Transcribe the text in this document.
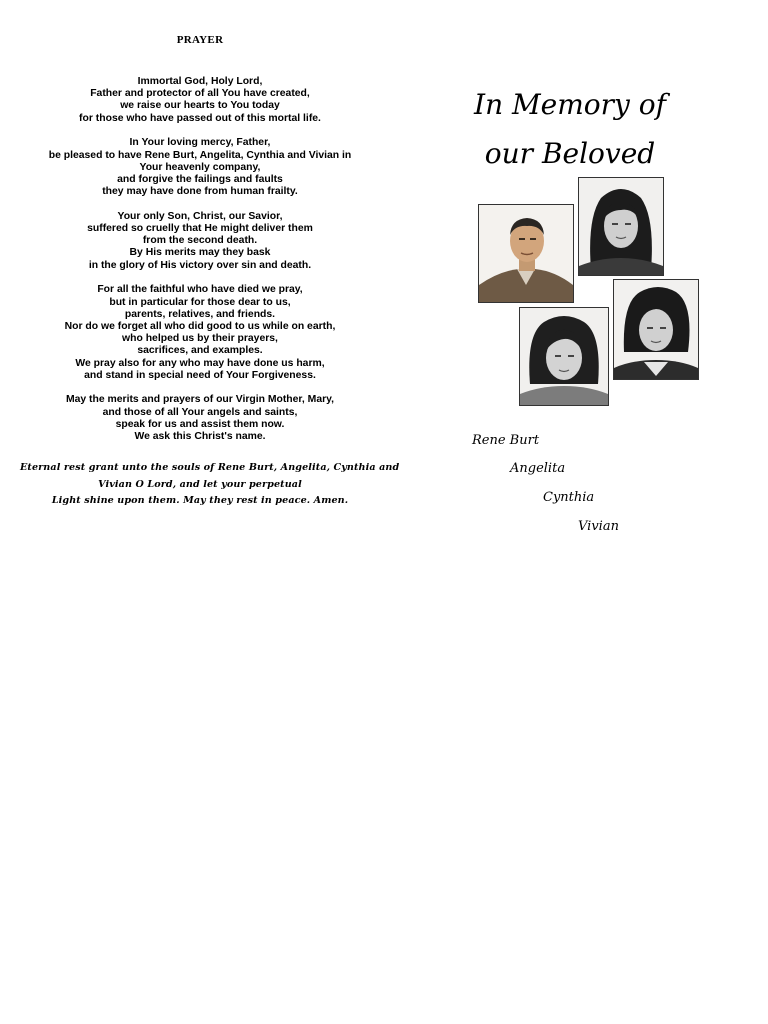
PRAYER
Immortal God, Holy Lord,
Father and protector of all You have created,
we raise our hearts to You today
for those who have passed out of this mortal life.
In Your loving mercy, Father,
be pleased to have Rene Burt, Angelita, Cynthia and Vivian in
Your heavenly company,
and forgive the failings and faults
they may have done from human frailty.
Your only Son, Christ, our Savior,
suffered so cruelly that He might deliver them
from the second death.
By His merits may they bask
in the glory of His victory over sin and death.
For all the faithful who have died we pray,
but in particular for those dear to us,
parents, relatives, and friends.
Nor do we forget all who did good to us while on earth,
who helped us by their prayers,
sacrifices, and examples.
We pray also for any who may have done us harm,
and stand in special need of Your Forgiveness.
May the merits and prayers of our Virgin Mother, Mary,
and those of all Your angels and saints,
speak for us and assist them now.
We ask this Christ's name.
Eternal rest grant unto the souls of Rene Burt, Angelita, Cynthia and
Vivian O Lord, and let your perpetual
Light shine upon them. May they rest in peace. Amen.
In Memory of
our Beloved
Rene Burt
Angelita
Cynthia
Vivian
